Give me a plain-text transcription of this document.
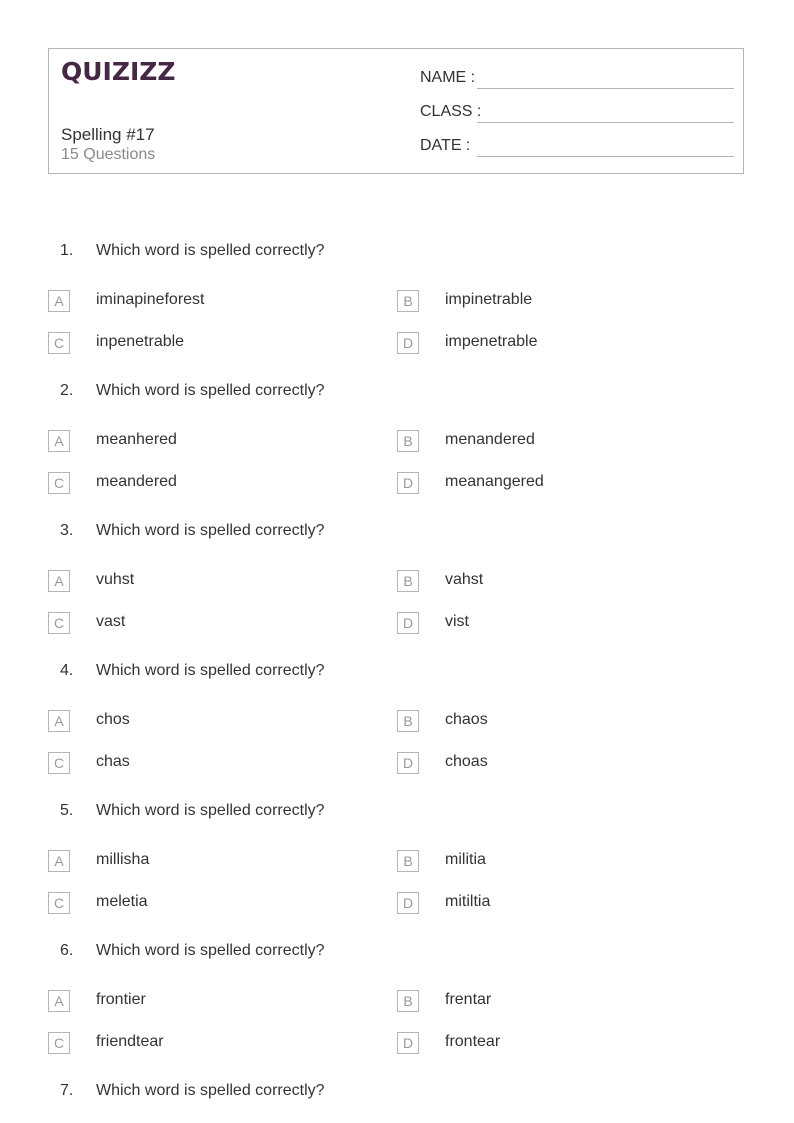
QUIZIZZ
Spelling #17
15 Questions
NAME :
CLASS :
DATE :
1. Which word is spelled correctly?
A	iminapineforest	B	impinetrable
C	inpenetrable	D	impenetrable
2. Which word is spelled correctly?
A	meanhered	B	menandered
C	meandered	D	meanangered
3. Which word is spelled correctly?
A	vuhst	B	vahst
C	vast	D	vist
4. Which word is spelled correctly?
A	chos	B	chaos
C	chas	D	choas
5. Which word is spelled correctly?
A	millisha	B	militia
C	meletia	D	mitiltia
6. Which word is spelled correctly?
A	frontier	B	frentar
C	friendtear	D	frontear
7. Which word is spelled correctly?
